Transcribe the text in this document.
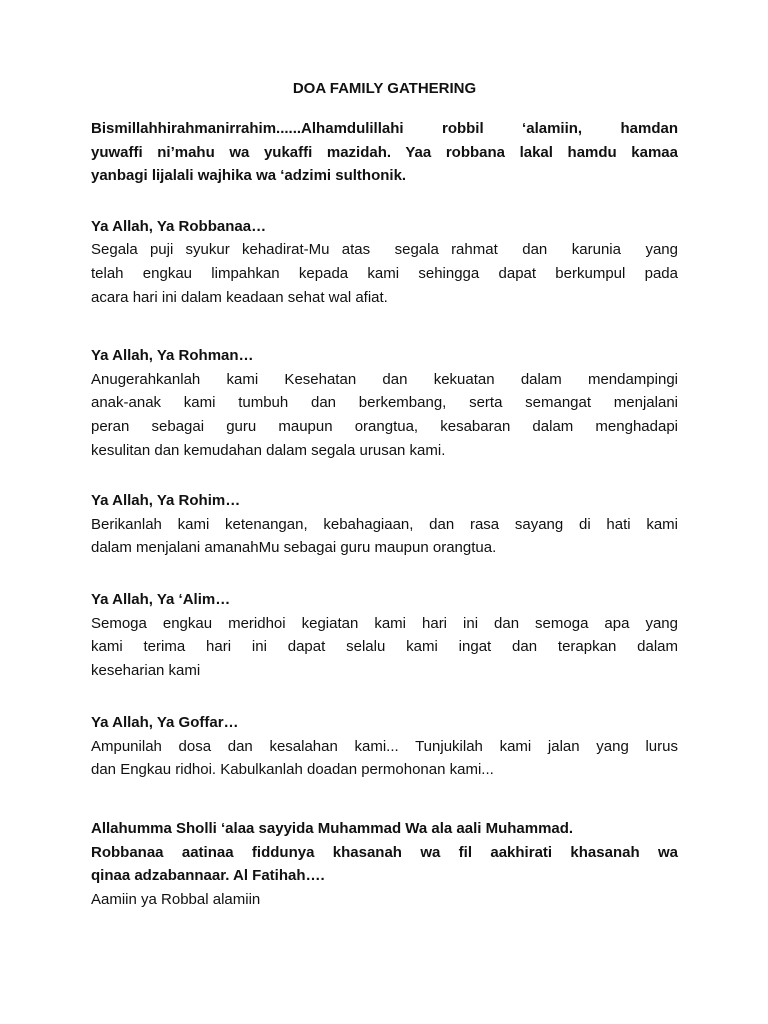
DOA FAMILY GATHERING
Bismillahhirahmanirrahim......Alhamdulillahi robbil ‘alamiin, hamdan
yuwaffi ni’mahu wa yukaffi mazidah. Yaa robbana lakal hamdu kamaa
yanbagi lijalali wajhika wa ‘adzimi sulthonik.
Ya Allah, Ya Robbanaa…
Segala puji syukur kehadirat-Mu atas  segala rahmat  dan  karunia  yang
telah engkau limpahkan kepada kami sehingga dapat berkumpul pada
acara hari ini dalam keadaan sehat wal afiat.
Ya Allah, Ya Rohman…
Anugerahkanlah kami Kesehatan dan kekuatan dalam mendampingi
anak-anak kami tumbuh dan berkembang, serta semangat menjalani
peran sebagai guru maupun orangtua, kesabaran dalam menghadapi
kesulitan dan kemudahan dalam segala urusan kami.
Ya Allah, Ya Rohim…
Berikanlah kami ketenangan, kebahagiaan, dan rasa sayang di hati kami
dalam menjalani amanahMu sebagai guru maupun orangtua.
Ya Allah, Ya ‘Alim…
Semoga engkau meridhoi kegiatan kami hari ini dan semoga apa yang
kami terima hari ini dapat selalu kami ingat dan terapkan dalam
keseharian kami
Ya Allah, Ya Goffar…
Ampunilah dosa dan kesalahan kami... Tunjukilah kami jalan yang lurus
dan Engkau ridhoi. Kabulkanlah doadan permohonan kami...
Allahumma Sholli ‘alaa sayyida Muhammad Wa ala aali Muhammad.
Robbanaa aatinaa fiddunya khasanah wa fil aakhirati khasanah wa
qinaa adzabannaar. Al Fatihah….
Aamiin ya Robbal alamiin
